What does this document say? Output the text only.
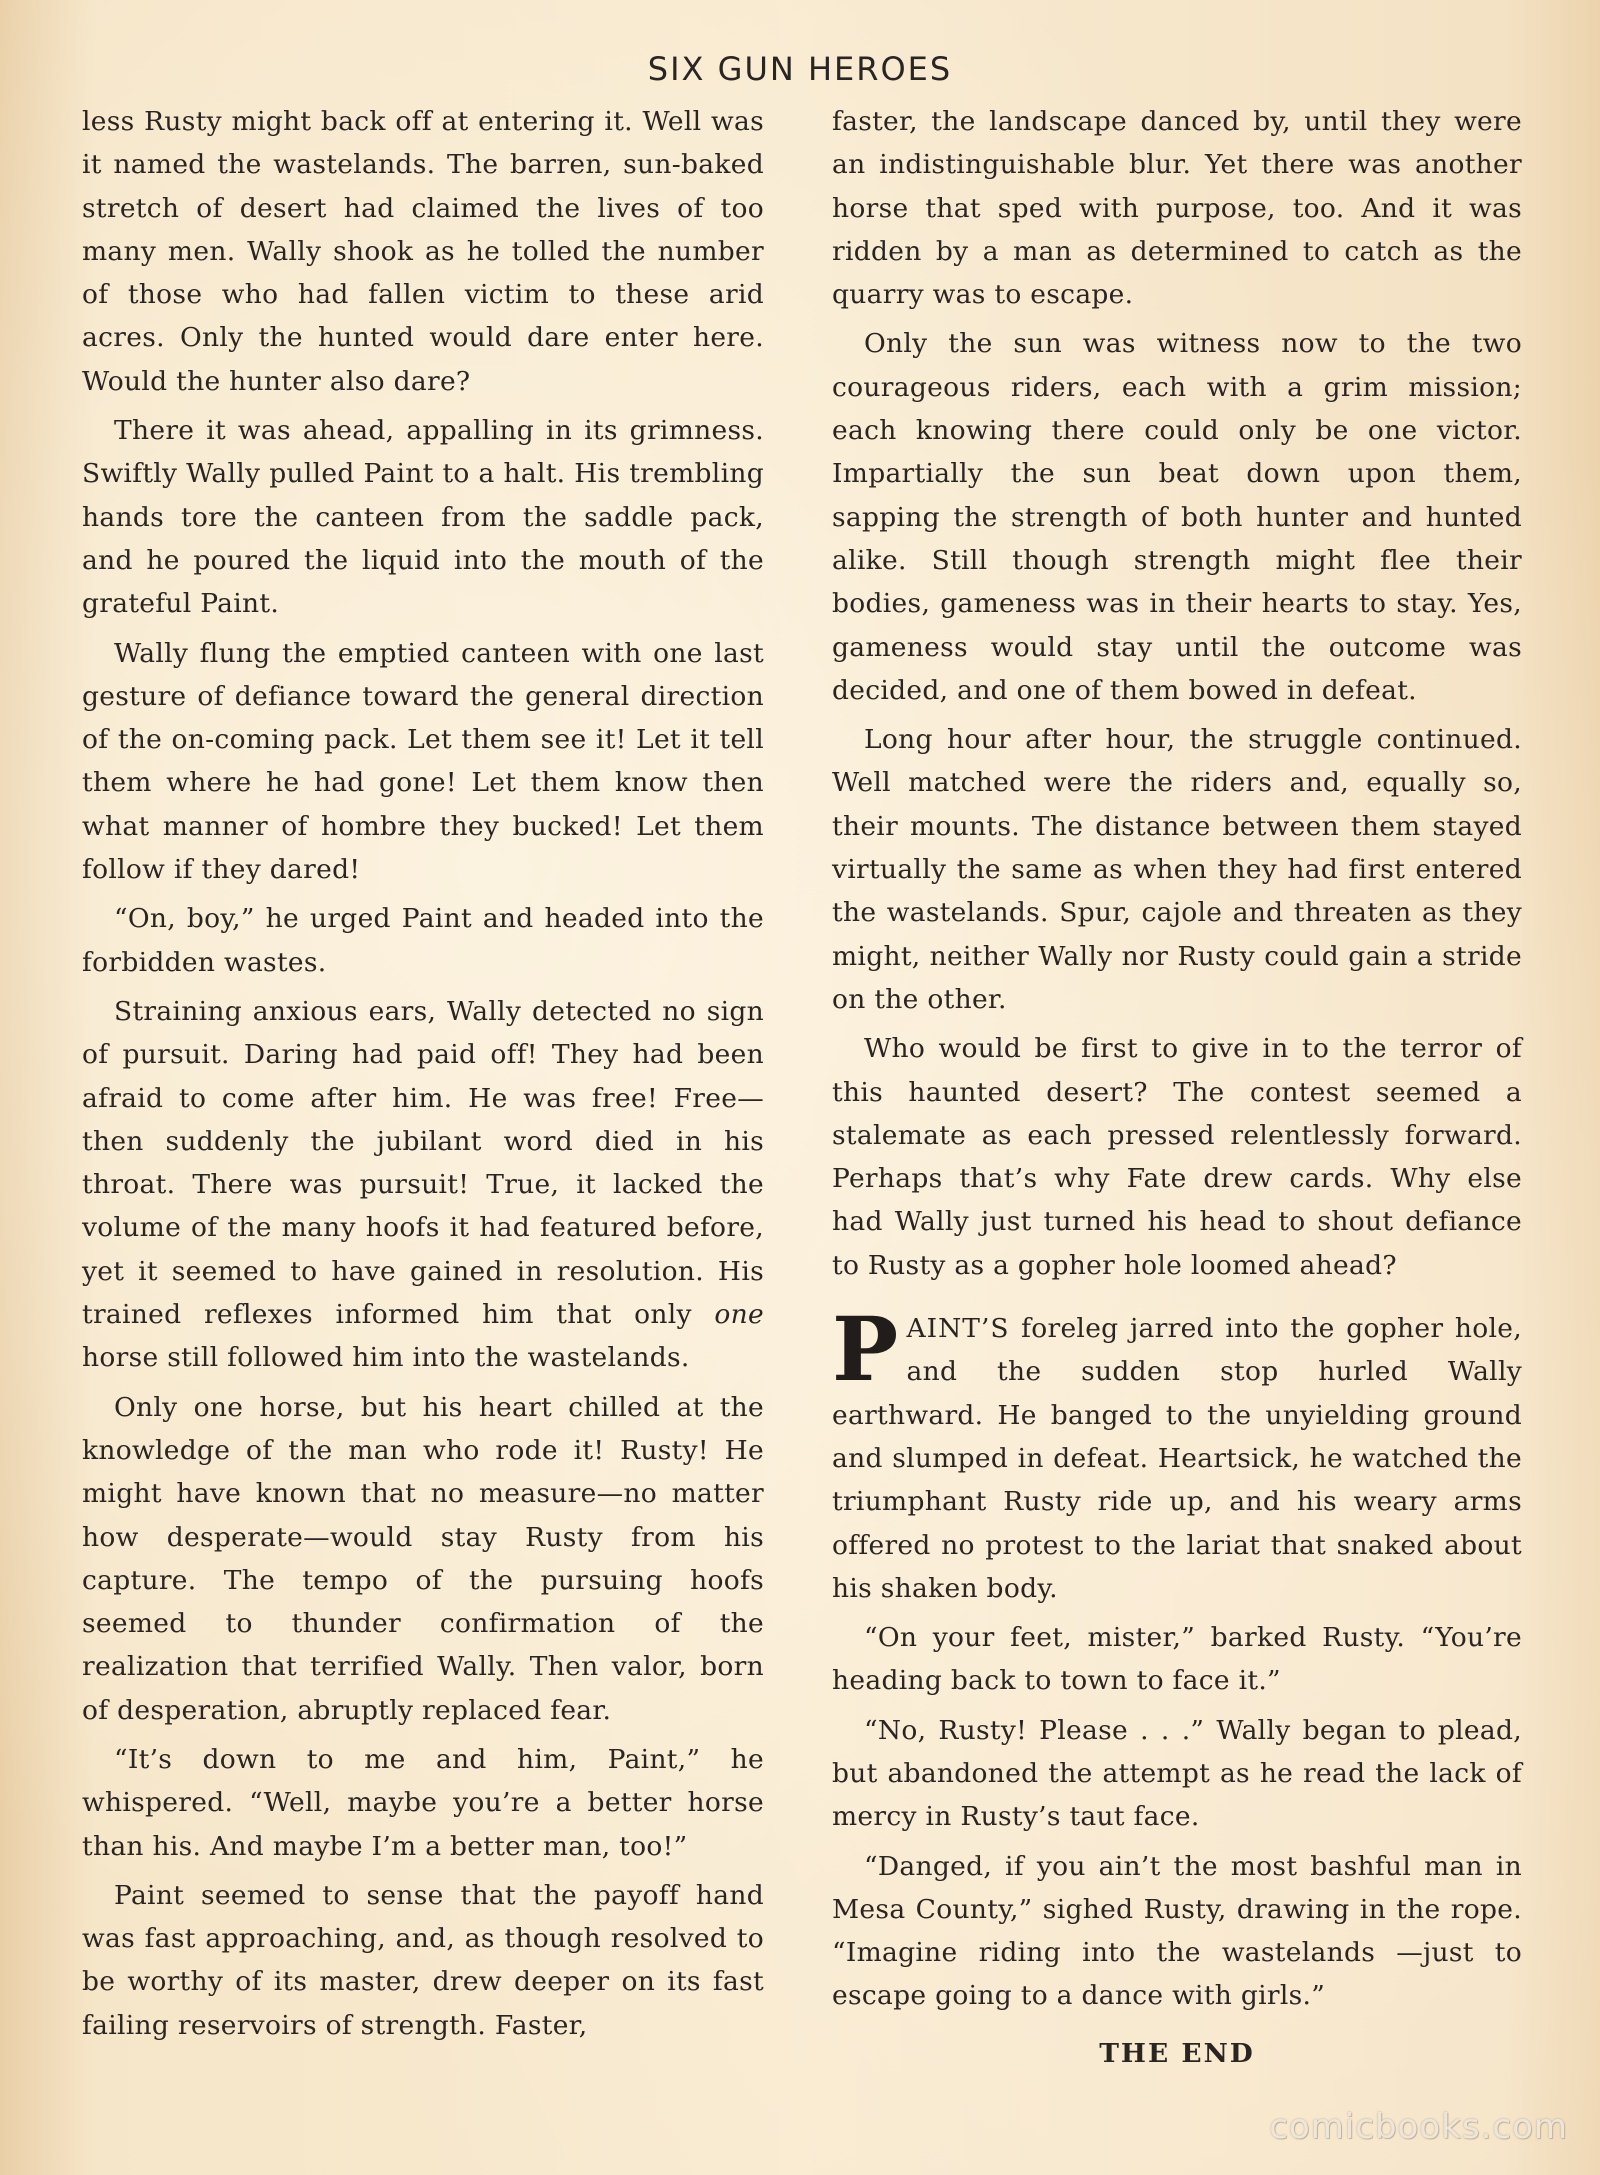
SIX GUN HEROES

less Rusty might back off at entering it. Well was it named the wastelands. The barren, sun-baked stretch of desert had claimed the lives of too many men. Wally shook as he tolled the number of those who had fallen victim to these arid acres. Only the hunted would dare enter here. Would the hunter also dare?

There it was ahead, appalling in its grimness. Swiftly Wally pulled Paint to a halt. His trembling hands tore the canteen from the saddle pack, and he poured the liquid into the mouth of the grateful Paint.

Wally flung the emptied canteen with one last gesture of defiance toward the general direction of the on-coming pack. Let them see it! Let it tell them where he had gone! Let them know then what manner of hombre they bucked! Let them follow if they dared!

“On, boy,” he urged Paint and headed into the forbidden wastes.

Straining anxious ears, Wally detected no sign of pursuit. Daring had paid off! They had been afraid to come after him. He was free! Free—then suddenly the jubilant word died in his throat. There was pursuit! True, it lacked the volume of the many hoofs it had featured before, yet it seemed to have gained in resolution. His trained reflexes informed him that only one horse still followed him into the wastelands.

Only one horse, but his heart chilled at the knowledge of the man who rode it! Rusty! He might have known that no measure—no matter how desperate—would stay Rusty from his capture. The tempo of the pursuing hoofs seemed to thunder confirmation of the realization that terrified Wally. Then valor, born of desperation, abruptly replaced fear.

“It’s down to me and him, Paint,” he whispered. “Well, maybe you’re a better horse than his. And maybe I’m a better man, too!”

Paint seemed to sense that the payoff hand was fast approaching, and, as though resolved to be worthy of its master, drew deeper on its fast failing reservoirs of strength. Faster,

faster, the landscape danced by, until they were an indistinguishable blur. Yet there was another horse that sped with purpose, too. And it was ridden by a man as determined to catch as the quarry was to escape.

Only the sun was witness now to the two courageous riders, each with a grim mission; each knowing there could only be one victor. Impartially the sun beat down upon them, sapping the strength of both hunter and hunted alike. Still though strength might flee their bodies, gameness was in their hearts to stay. Yes, gameness would stay until the outcome was decided, and one of them bowed in defeat.

Long hour after hour, the struggle continued. Well matched were the riders and, equally so, their mounts. The distance between them stayed virtually the same as when they had first entered the wastelands. Spur, cajole and threaten as they might, neither Wally nor Rusty could gain a stride on the other.

Who would be first to give in to the terror of this haunted desert? The contest seemed a stalemate as each pressed relentlessly forward. Perhaps that’s why Fate drew cards. Why else had Wally just turned his head to shout defiance to Rusty as a gopher hole loomed ahead?

PAINT’S foreleg jarred into the gopher hole, and the sudden stop hurled Wally earthward. He banged to the unyielding ground and slumped in defeat. Heartsick, he watched the triumphant Rusty ride up, and his weary arms offered no protest to the lariat that snaked about his shaken body.

“On your feet, mister,” barked Rusty. “You’re heading back to town to face it.”

“No, Rusty! Please . . .” Wally began to plead, but abandoned the attempt as he read the lack of mercy in Rusty’s taut face.

“Danged, if you ain’t the most bashful man in Mesa County,” sighed Rusty, drawing in the rope. “Imagine riding into the wastelands —just to escape going to a dance with girls.”

THE END

comicbooks.com
